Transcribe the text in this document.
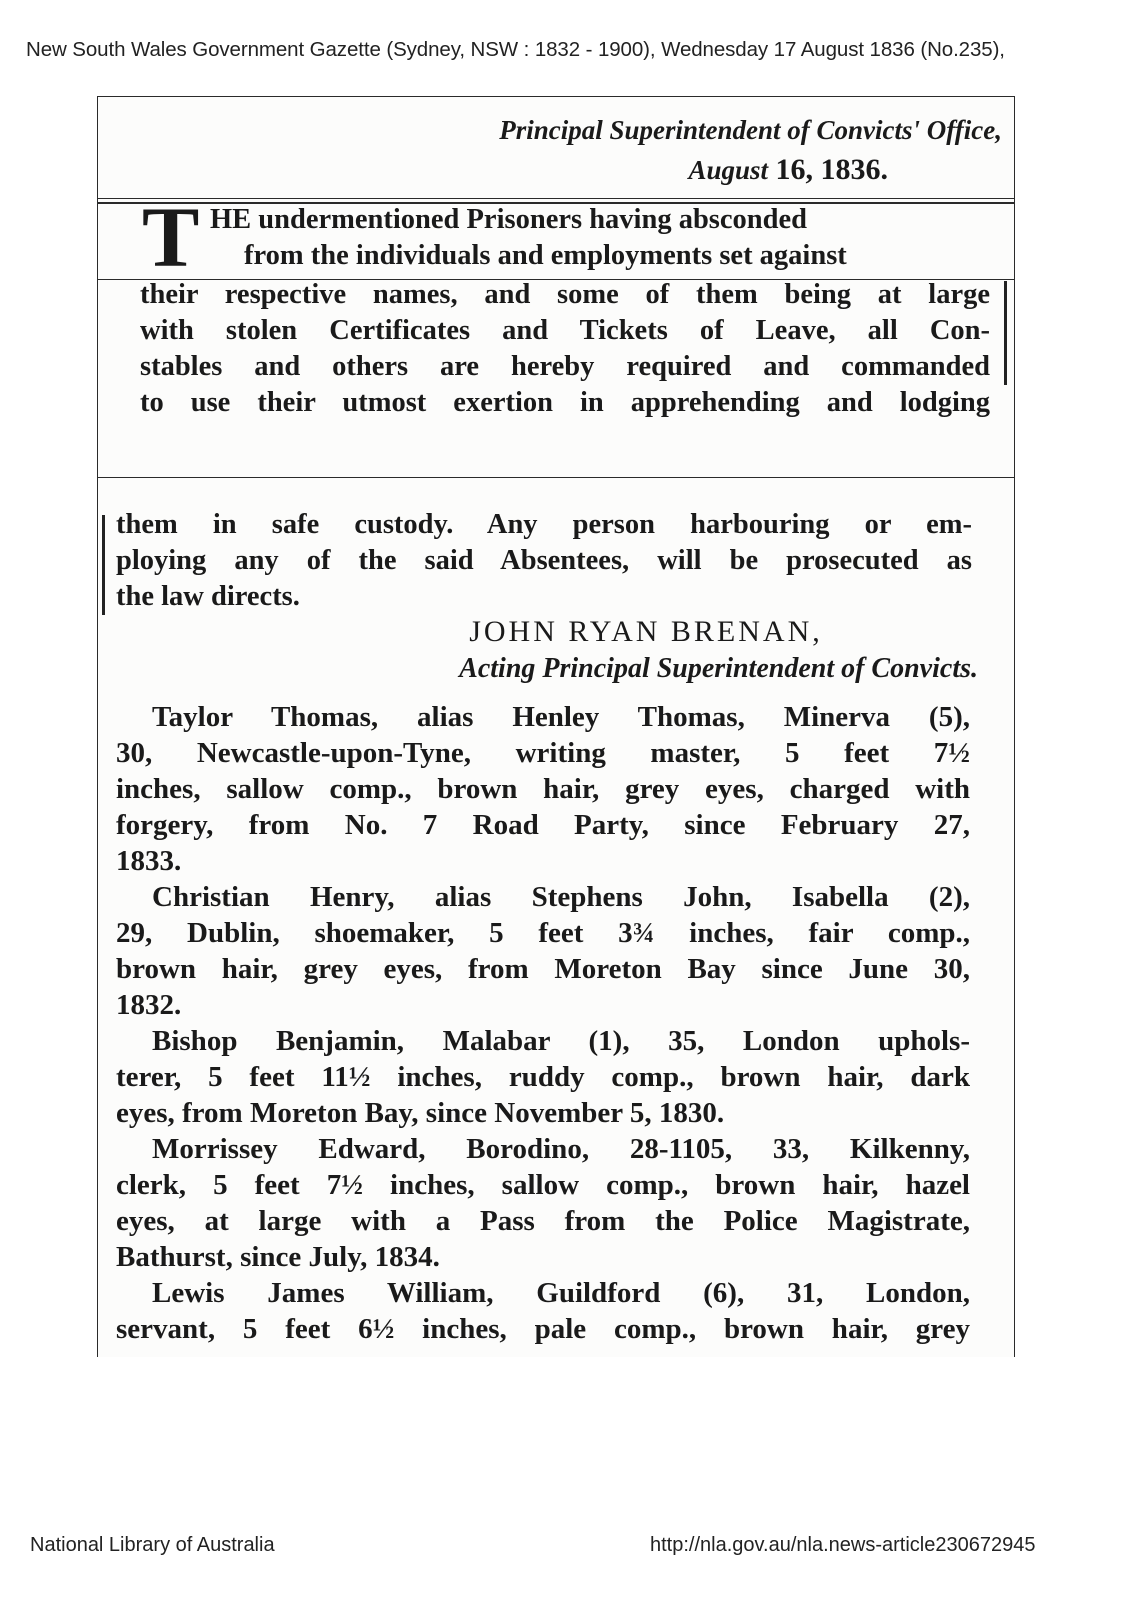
New South Wales Government Gazette (Sydney, NSW : 1832 - 1900), Wednesday 17 August 1836 (No.235),
Principal Superintendent of Convicts' Office,
August 16, 1836.
T HE undermentioned Prisoners having absconded
from the individuals and employments set against
their respective names, and some of them being at large
with stolen Certificates and Tickets of Leave, all Con-
stables and others are hereby required and commanded
to use their utmost exertion in apprehending and lodging
them in safe custody. Any person harbouring or em-
ploying any of the said Absentees, will be prosecuted as
the law directs.
JOHN RYAN BRENAN,
Acting Principal Superintendent of Convicts.
Taylor Thomas, alias Henley Thomas, Minerva (5),
30, Newcastle-upon-Tyne, writing master, 5 feet 7½
inches, sallow comp., brown hair, grey eyes, charged with
forgery, from No. 7 Road Party, since February 27,
1833.
Christian Henry, alias Stephens John, Isabella (2),
29, Dublin, shoemaker, 5 feet 3¾ inches, fair comp.,
brown hair, grey eyes, from Moreton Bay since June 30,
1832.
Bishop Benjamin, Malabar (1), 35, London uphols-
terer, 5 feet 11½ inches, ruddy comp., brown hair, dark
eyes, from Moreton Bay, since November 5, 1830.
Morrissey Edward, Borodino, 28-1105, 33, Kilkenny,
clerk, 5 feet 7½ inches, sallow comp., brown hair, hazel
eyes, at large with a Pass from the Police Magistrate,
Bathurst, since July, 1834.
Lewis James William, Guildford (6), 31, London,
servant, 5 feet 6½ inches, pale comp., brown hair, grey

National Library of Australia	http://nla.gov.au/nla.news-article230672945
